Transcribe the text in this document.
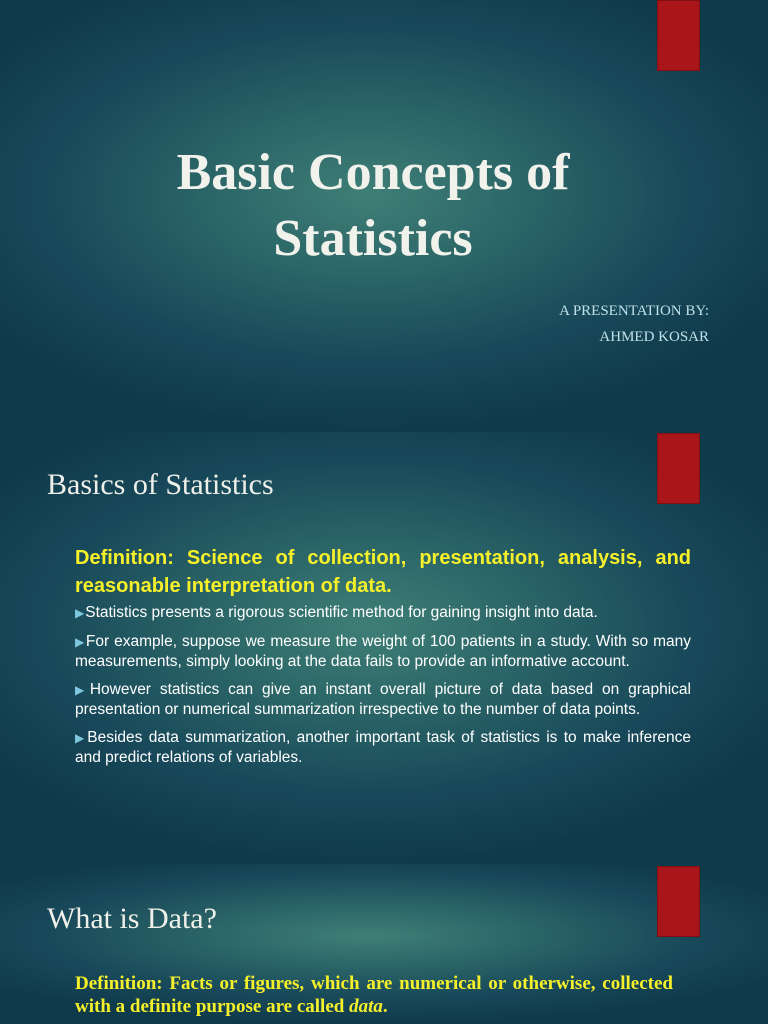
Basic Concepts of
Statistics
A PRESENTATION BY:
AHMED KOSAR
Basics of Statistics

Definition: Science of collection, presentation, analysis, and reasonable interpretation of data.

▶Statistics presents a rigorous scientific method for gaining insight into data.
▶For example, suppose we measure the weight of 100 patients in a study. With so many measurements, simply looking at the data fails to provide an informative account.
▶However statistics can give an instant overall picture of data based on graphical presentation or numerical summarization irrespective to the number of data points.
▶Besides data summarization, another important task of statistics is to make inference and predict relations of variables.
What is Data?

Definition: Facts or figures, which are numerical or otherwise, collected with a definite purpose are called data.
